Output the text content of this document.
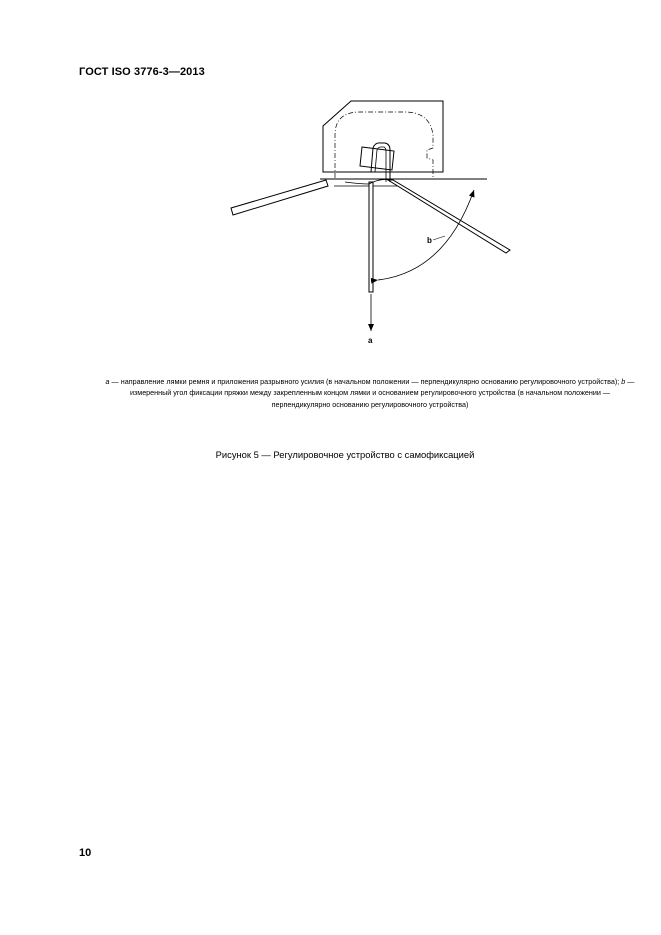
ГОСТ ISO 3776-3—2013
b
a
a — направление лямки ремня и приложения разрывного усилия (в начальном положении — перпендикулярно основанию регулировочного устройства); b — измеренный угол фиксации пряжки между закрепленным концом лямки и основанием регулировочного устройства (в начальном положении — перпендикулярно основанию регулировочного устройства)
Рисунок 5 — Регулировочное устройство с самофиксацией
10
